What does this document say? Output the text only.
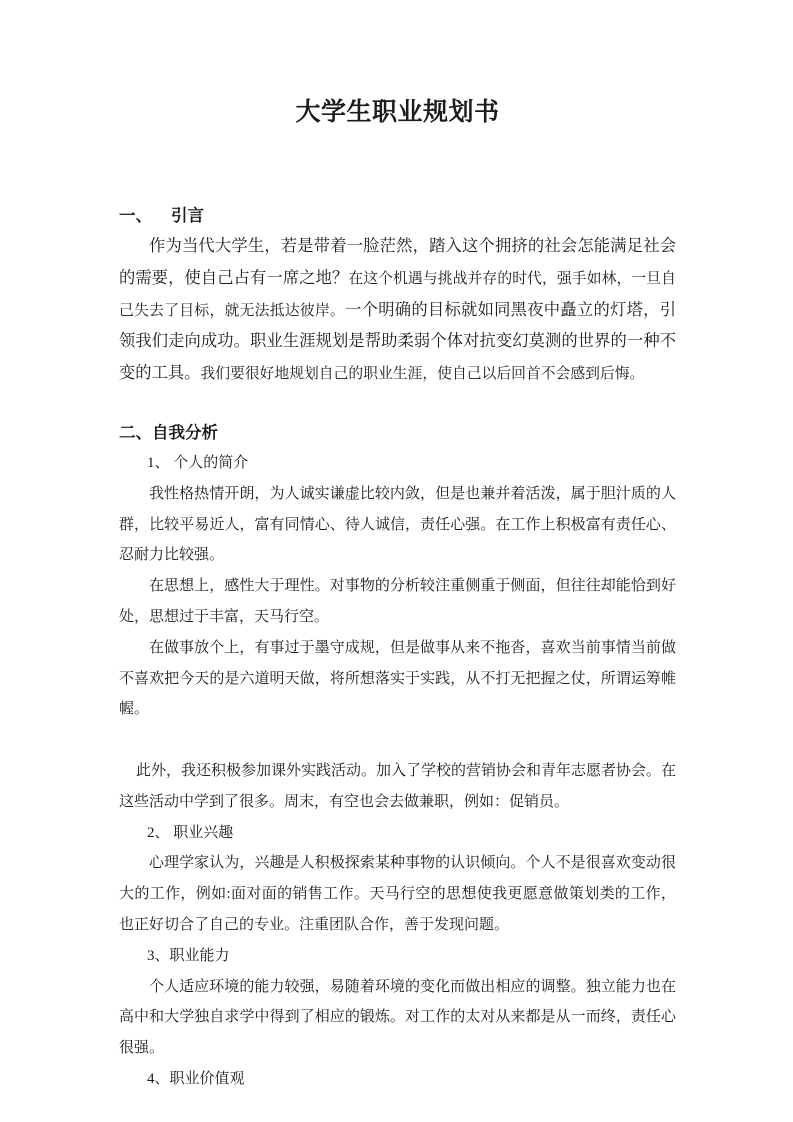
大学生职业规划书
一、 引言

作为当代大学生，若是带着一脸茫然，踏入这个拥挤的社会怎能满足社会的需要，使自己占有一席之地？在这个机遇与挑战并存的时代，强手如林，一旦自己失去了目标，就无法抵达彼岸。一个明确的目标就如同黑夜中矗立的灯塔，引领我们走向成功。职业生涯规划是帮助柔弱个体对抗变幻莫测的世界的一种不变的工具。我们要很好地规划自己的职业生涯，使自己以后回首不会感到后悔。

二、自我分析

1、 个人的简介

我性格热情开朗，为人诚实谦虚比较内敛，但是也兼并着活泼，属于胆汁质的人群，比较平易近人，富有同情心、待人诚信，责任心强。在工作上积极富有责任心、忍耐力比较强。

在思想上，感性大于理性。对事物的分析较注重侧重于侧面，但往往却能恰到好处，思想过于丰富，天马行空。

在做事放个上，有事过于墨守成规，但是做事从来不拖沓，喜欢当前事情当前做不喜欢把今天的是六道明天做，将所想落实于实践，从不打无把握之仗，所谓运筹帷幄。

此外，我还积极参加课外实践活动。加入了学校的营销协会和青年志愿者协会。在这些活动中学到了很多。周末，有空也会去做兼职，例如：促销员。

2、 职业兴趣

心理学家认为，兴趣是人积极探索某种事物的认识倾向。个人不是很喜欢变动很大的工作，例如:面对面的销售工作。天马行空的思想使我更愿意做策划类的工作，也正好切合了自己的专业。注重团队合作，善于发现问题。

3、职业能力

个人适应环境的能力较强，易随着环境的变化而做出相应的调整。独立能力也在高中和大学独自求学中得到了相应的锻炼。对工作的太对从来都是从一而终，责任心很强。

4、职业价值观
